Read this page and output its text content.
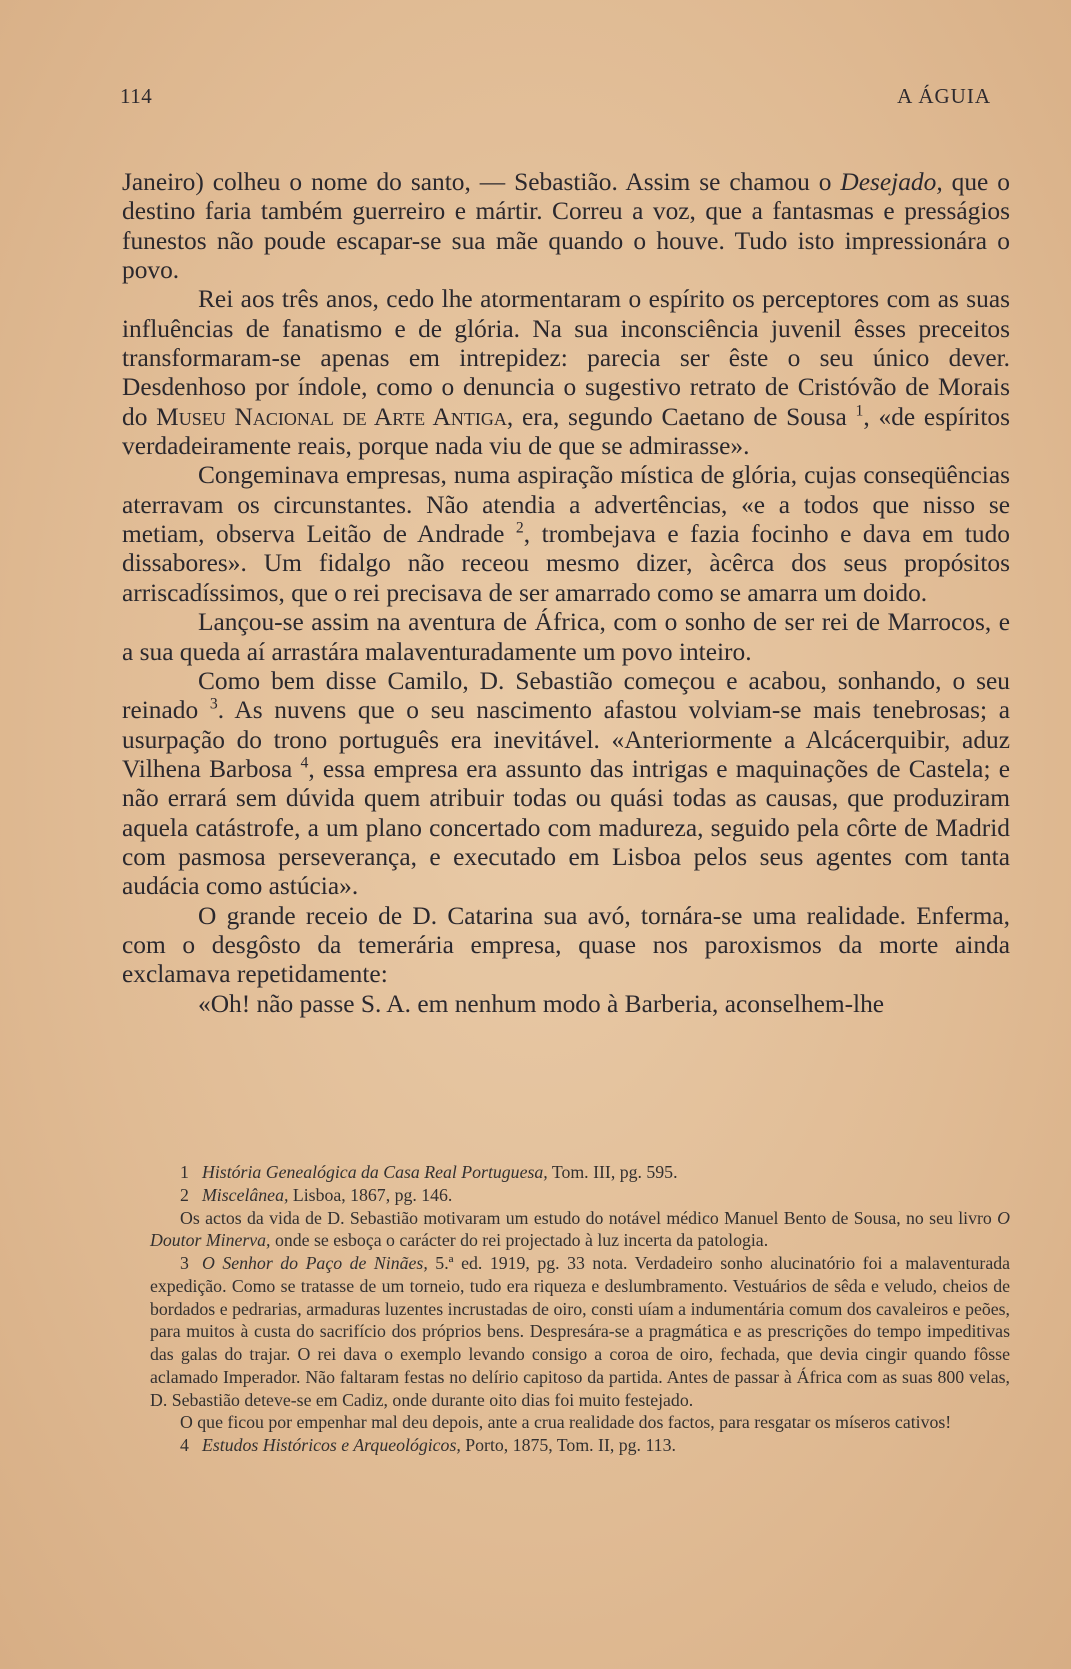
114	A ÁGUIA

Janeiro) colheu o nome do santo, — Sebastião. Assim se chamou o Desejado, que o destino faria também guerreiro e mártir. Correu a voz, que a fantasmas e presságios funestos não poude escapar-se sua mãe quando o houve. Tudo isto impressionára o povo.

Rei aos três anos, cedo lhe atormentaram o espírito os perceptores com as suas influências de fanatismo e de glória. Na sua inconsciência juvenil êsses preceitos transformaram-se apenas em intrepidez: parecia ser êste o seu único dever. Desdenhoso por índole, como o denuncia o sugestivo retrato de Cristóvão de Morais do Museu Nacional de Arte Antiga, era, segundo Caetano de Sousa $^1$, «de espíritos verdadeiramente reais, porque nada viu de que se admirasse».

Congeminava empresas, numa aspiração mística de glória, cujas conseqüências aterravam os circunstantes. Não atendia a advertências, «e a todos que nisso se metiam, observa Leitão de Andrade $^2$, trombejava e fazia focinho e dava em tudo dissabores». Um fidalgo não receou mesmo dizer, àcêrca dos seus propósitos arriscadíssimos, que o rei precisava de ser amarrado como se amarra um doido.

Lançou-se assim na aventura de África, com o sonho de ser rei de Marrocos, e a sua queda aí arrastára malaventuradamente um povo inteiro.

Como bem disse Camilo, D. Sebastião começou e acabou, sonhando, o seu reinado $^3$. As nuvens que o seu nascimento afastou volviam-se mais tenebrosas; a usurpação do trono português era inevitável. «Anteriormente a Alcácerquibir, aduz Vilhena Barbosa $^4$, essa empresa era assunto das intrigas e maquinações de Castela; e não errará sem dúvida quem atribuir todas ou quási todas as causas, que produziram aquela catástrofe, a um plano concertado com madureza, seguido pela côrte de Madrid com pasmosa perseverança, e executado em Lisboa pelos seus agentes com tanta audácia como astúcia».

O grande receio de D. Catarina sua avó, tornára-se uma realidade. Enferma, com o desgôsto da temerária empresa, quase nos paroxismos da morte ainda exclamava repetidamente:

«Oh! não passe S. A. em nenhum modo à Barberia, aconselhem-lhe

1 História Genealógica da Casa Real Portuguesa, Tom. III, pg. 595.

2 Miscelânea, Lisboa, 1867, pg. 146.

Os actos da vida de D. Sebastião motivaram um estudo do notável médico Manuel Bento de Sousa, no seu livro O Doutor Minerva, onde se esboça o carácter do rei projectado à luz incerta da patologia.

3 O Senhor do Paço de Ninães, 5.ª ed. 1919, pg. 33 nota. Verdadeiro sonho alucinatório foi a malaventurada expedição. Como se tratasse de um torneio, tudo era riqueza e deslumbramento. Vestuários de sêda e veludo, cheios de bordados e pedrarias, armaduras luzentes incrustadas de oiro, consti uíam a indumentária comum dos cavaleiros e peões, para muitos à custa do sacrifício dos próprios bens. Despresára-se a pragmática e as prescrições do tempo impeditivas das galas do trajar. O rei dava o exemplo levando consigo a coroa de oiro, fechada, que devia cingir quando fôsse aclamado Imperador. Não faltaram festas no delírio capitoso da partida. Antes de passar à África com as suas 800 velas, D. Sebastião deteve-se em Cadiz, onde durante oito dias foi muito festejado.

O que ficou por empenhar mal deu depois, ante a crua realidade dos factos, para resgatar os míseros cativos!

4 Estudos Históricos e Arqueológicos, Porto, 1875, Tom. II, pg. 113.
